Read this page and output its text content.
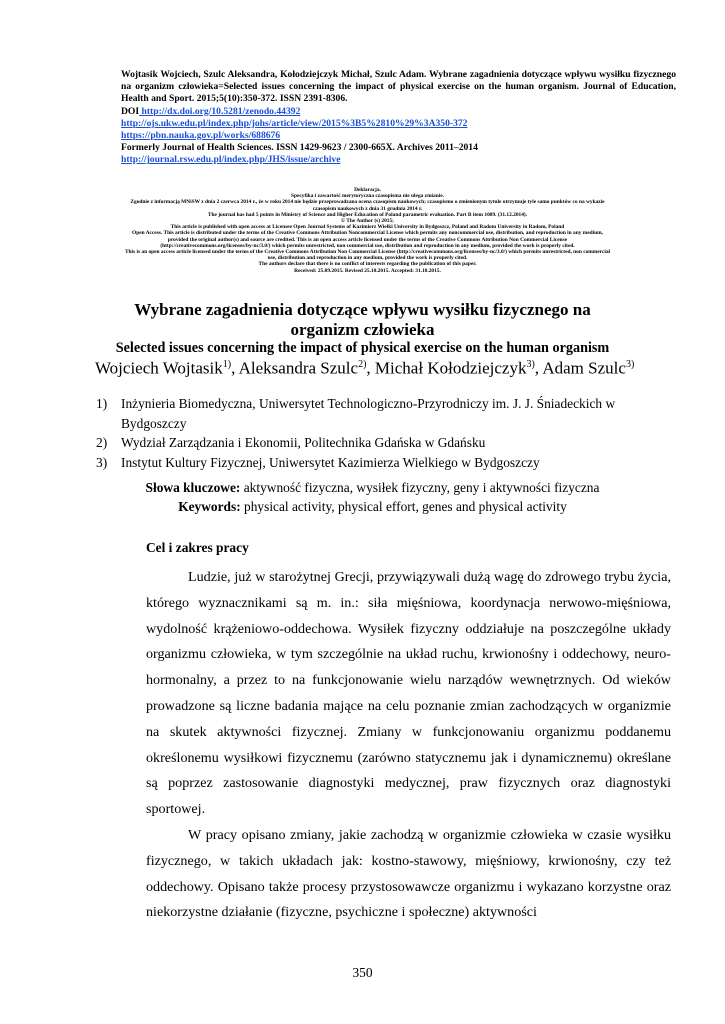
Wojtasik Wojciech, Szulc Aleksandra, Kołodziejczyk Michał, Szulc Adam. Wybrane zagadnienia dotyczące wpływu wysiłku fizycznego na organizm człowieka=Selected issues concerning the impact of physical exercise on the human organism. Journal of Education, Health and Sport. 2015;5(10):350-372. ISSN 2391-8306.
DOI http://dx.doi.org/10.5281/zenodo.44392
http://ojs.ukw.edu.pl/index.php/johs/article/view/2015%3B5%2810%29%3A350-372
https://pbn.nauka.gov.pl/works/688676
Formerly Journal of Health Sciences. ISSN 1429-9623 / 2300-665X. Archives 2011–2014
http://journal.rsw.edu.pl/index.php/JHS/issue/archive
Deklaracja.
Specyfika i zawartość merytoryczna czasopisma nie ulega zmianie.
Zgodnie z informacją MNiSW z dnia 2 czerwca 2014 r., że w roku 2014 nie będzie przeprowadzana ocena czasopism naukowych; czasopismo o zmienionym tytule otrzymuje tyle samo punktów co na wykazie
czasopism naukowych z dnia 31 grudnia 2014 r.
The journal has had 5 points in Ministry of Science and Higher Education of Poland parametric evaluation. Part B item 1089. (31.12.2014).
© The Author (s) 2015;
This article is published with open access at Licensee Open Journal Systems of Kazimierz Wielki University in Bydgoszcz, Poland and Radom University in Radom, Poland
Open Access. This article is distributed under the terms of the Creative Commons Attribution Noncommercial License which permits any noncommercial use, distribution, and reproduction in any medium,
provided the original author(s) and source are credited. This is an open access article licensed under the terms of the Creative Commons Attribution Non Commercial License
(http://creativecommons.org/licenses/by-nc/3.0/) which permits unrestricted, non commercial use, distribution and reproduction in any medium, provided the work is properly cited.
This is an open access article licensed under the terms of the Creative Commons Attribution Non Commercial License (http://creativecommons.org/licenses/by-nc/3.0/) which permits unrestricted, non commercial
use, distribution and reproduction in any medium, provided the work is properly cited.
The authors declare that there is no conflict of interests regarding the publication of this paper.
Received: 25.09.2015. Revised 25.10.2015. Accepted: 31.10.2015.
Wybrane zagadnienia dotyczące wpływu wysiłku fizycznego na organizm człowieka
Selected issues concerning the impact of physical exercise on the human organism
Wojciech Wojtasik$^{1)}$, Aleksandra Szulc$^{2)}$, Michał Kołodziejczyk$^{3)}$, Adam Szulc$^{3)}$
1)	Inżynieria Biomedyczna, Uniwersytet Technologiczno-Przyrodniczy im. J. J. Śniadeckich w Bydgoszczy
2)	Wydział Zarządzania i Ekonomii, Politechnika Gdańska w Gdańsku
3)	Instytut Kultury Fizycznej, Uniwersytet Kazimierza Wielkiego w Bydgoszczy
Słowa kluczowe: aktywność fizyczna, wysiłek fizyczny, geny i aktywności fizyczna
Keywords: physical activity, physical effort, genes and physical activity
Cel i zakres pracy

Ludzie, już w starożytnej Grecji, przywiązywali dużą wagę do zdrowego trybu życia, którego wyznacznikami są m. in.: siła mięśniowa, koordynacja nerwowo-mięśniowa, wydolność krążeniowo-oddechowa. Wysiłek fizyczny oddziałuje na poszczególne układy organizmu człowieka, w tym szczególnie na układ ruchu, krwionośny i oddechowy, neuro-hormonalny, a przez to na funkcjonowanie wielu narządów wewnętrznych. Od wieków prowadzone są liczne badania mające na celu poznanie zmian zachodzących w organizmie na skutek aktywności fizycznej. Zmiany w funkcjonowaniu organizmu poddanemu określonemu wysiłkowi fizycznemu (zarówno statycznemu jak i dynamicznemu) określane są poprzez zastosowanie diagnostyki medycznej, praw fizycznych oraz diagnostyki sportowej.

W pracy opisano zmiany, jakie zachodzą w organizmie człowieka w czasie wysiłku fizycznego, w takich układach jak: kostno-stawowy, mięśniowy, krwionośny, czy też oddechowy. Opisano także procesy przystosowawcze organizmu i wykazano korzystne oraz niekorzystne działanie (fizyczne, psychiczne i społeczne) aktywności

350
